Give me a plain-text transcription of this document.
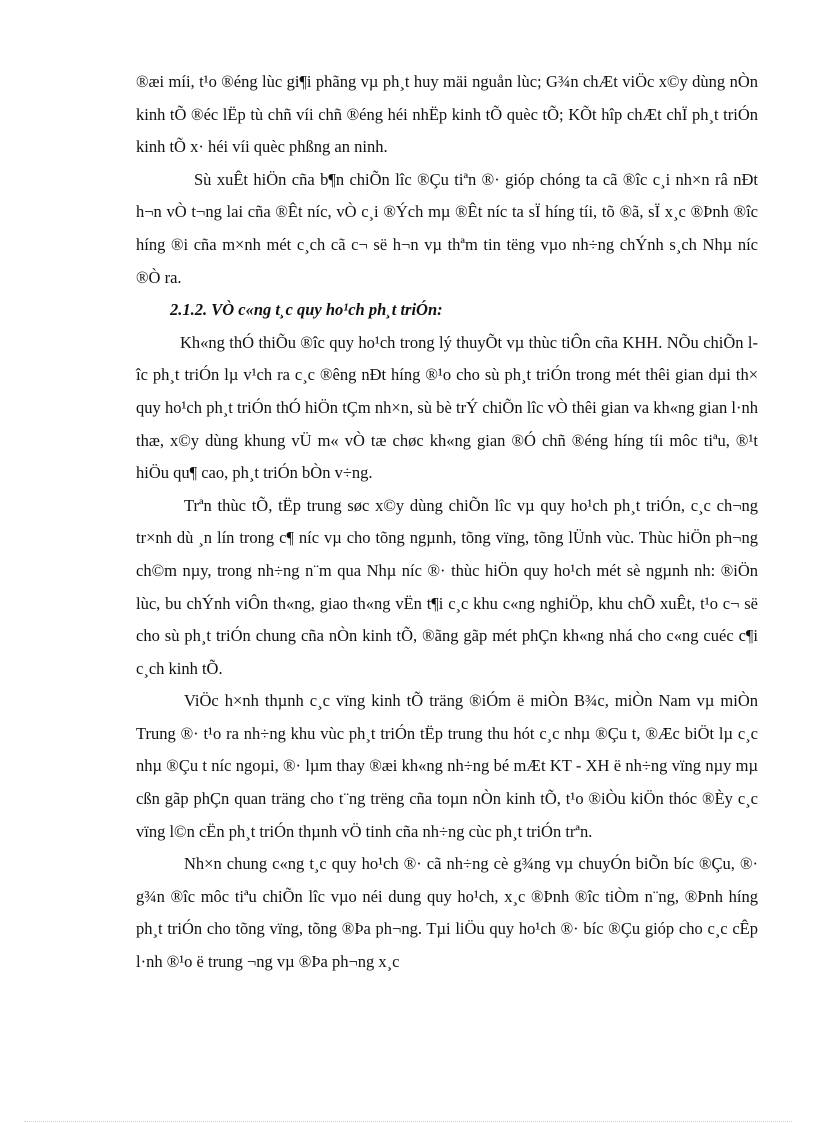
®æi míi, t¹o ®éng lùc gi¶i phãng vµ ph¸t huy mäi nguån lùc; G¾n chÆt viÖc x©y dùng nÒn kinh tÕ ®éc lËp tù chñ víi chñ ®éng héi nhËp kinh tÕ quèc tÕ; KÕt hîp chÆt chÏ ph¸t triÓn kinh tÕ x· héi víi quèc phßng an ninh.

Sù xuÊt hiÖn cña b¶n chiÕn lîc ®Çu tiªn ®· gióp chóng ta cã ®îc c¸i nh×n râ nÐt h¬n vÒ t¬ng lai cña ®Êt níc, vÒ c¸i ®Ých mµ ®Êt níc ta sÏ híng tíi, tõ ®ã, sÏ x¸c ®Þnh ®îc híng ®i cña m×nh mét c¸ch cã c¬ së h¬n vµ thªm tin tëng vµo nh÷ng chÝnh s¸ch Nhµ níc ®Ò ra.

2.1.2. VÒ c«ng t¸c quy ho¹ch ph¸t triÓn:

Kh«ng thÓ thiÕu ®îc quy ho¹ch trong lý thuyÕt vµ thùc tiÔn cña KHH. NÕu chiÕn lîc ph¸t triÓn lµ v¹ch ra c¸c ®êng nÐt híng ®¹o cho sù ph¸t triÓn trong mét thêi gian dµi th× quy ho¹ch ph¸t triÓn thÓ hiÖn tÇm nh×n, sù bè trÝ chiÕn lîc vÒ thêi gian va kh«ng gian l·nh thæ, x©y dùng khung vÜ m« vÒ tæ chøc kh«ng gian ®Ó chñ ®éng híng tíi môc tiªu, ®¹t hiÖu qu¶ cao, ph¸t triÓn bÒn v÷ng.

Trªn thùc tÕ, tËp trung søc x©y dùng chiÕn lîc vµ quy ho¹ch ph¸t triÓn, c¸c ch¬ng tr×nh dù ¸n lín trong c¶ níc vµ cho tõng ngµnh, tõng vïng, tõng lÜnh vùc. Thùc hiÖn ph¬ng ch©m nµy, trong nh÷ng n¨m qua Nhµ níc ®· thùc hiÖn quy ho¹ch mét sè ngµnh nh: ®iÖn lùc, bu chÝnh viÔn th«ng, giao th«ng vËn t¶i c¸c khu c«ng nghiÖp, khu chÕ xuÊt, t¹o c¬ së cho sù ph¸t triÓn chung cña nÒn kinh tÕ, ®ãng gãp mét phÇn kh«ng nhá cho c«ng cuéc c¶i c¸ch kinh tÕ.

ViÖc h×nh thµnh c¸c vïng kinh tÕ träng ®iÓm ë miÒn B¾c, miÒn Nam vµ miÒn Trung ®· t¹o ra nh÷ng khu vùc ph¸t triÓn tËp trung thu hót c¸c nhµ ®Çu t, ®Æc biÖt lµ c¸c nhµ ®Çu t níc ngoµi, ®· lµm thay ®æi kh«ng nh÷ng bé mÆt KT - XH ë nh÷ng vïng nµy mµ cßn gãp phÇn quan träng cho t¨ng trëng cña toµn nÒn kinh tÕ, t¹o ®iÒu kiÖn thóc ®Èy c¸c vïng l©n cËn ph¸t triÓn thµnh vÖ tinh cña nh÷ng cùc ph¸t triÓn trªn.

Nh×n chung c«ng t¸c quy ho¹ch ®· cã nh÷ng cè g¾ng vµ chuyÓn biÕn bíc ®Çu, ®· g¾n ®îc môc tiªu chiÕn lîc vµo néi dung quy ho¹ch, x¸c ®Þnh ®îc tiÒm n¨ng, ®Þnh híng ph¸t triÓn cho tõng vïng, tõng ®Þa ph¬ng. Tµi liÖu quy ho¹ch ®· bíc ®Çu gióp cho c¸c cÊp l·nh ®¹o ë trung ¬ng vµ ®Þa ph¬ng x¸c
